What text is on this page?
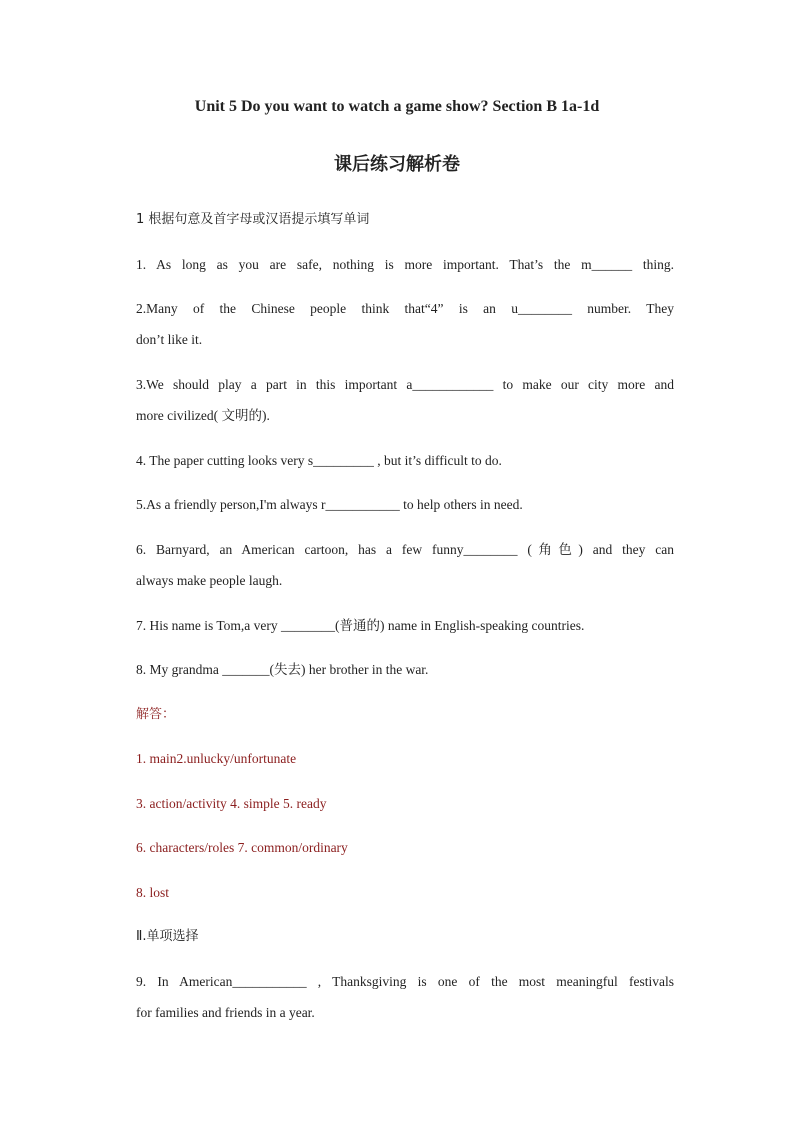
Unit 5 Do you want to watch a game show? Section B 1a-1d
课后练习解析卷
1 根据句意及首字母或汉语提示填写单词
1. As long as you are safe, nothing is more important. That’s the m______ thing.
2.Many of the Chinese people think that“4” is an u________ number. They
don’t like it.
3.We should play a part in this important a____________ to make our city more and
more civilized( 文明的).
4. The paper cutting looks very s_________ , but it’s difficult to do.
5.As a friendly person,I'm always r___________ to help others in need.
6. Barnyard, an American cartoon, has a few funny________ (角色) and they can
always make people laugh.
7. His name is Tom,a very ________(普通的) name in English-speaking countries.
8. My grandma _______(失去) her brother in the war.
解答：
1. main2.unlucky/unfortunate
3. action/activity 4. simple 5. ready
6. characters/roles 7. common/ordinary
8. lost
Ⅱ.单项选择
9. In American___________ , Thanksgiving is one of the most meaningful festivals
for families and friends in a year.
